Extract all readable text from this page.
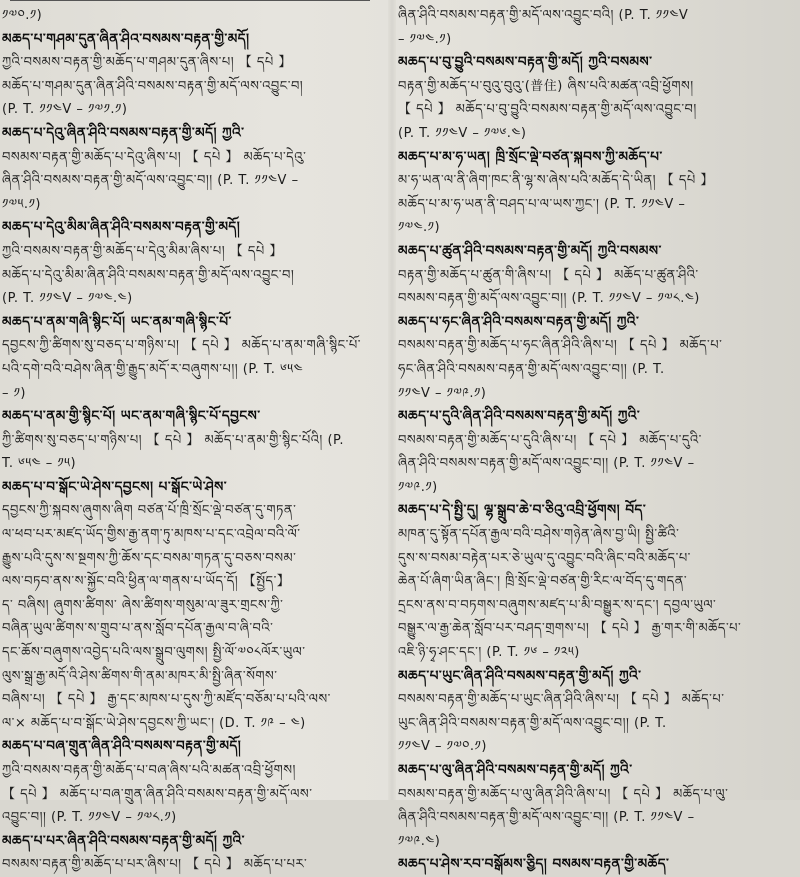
༡༧༠.༡)
མཆད་པ་གཤམ་དུན་ཞིན་ཤིའ་བསམས་བརྟན་གྱི་མདོ།
ཀྱའི་བསམས་བརྟན་གྱི་མཆོད་པ་གཤམ་དུན་ཞིས་པ། 【 དཔེ 】
མཆོད་པ་གཤམ་དུན་ཞིན་ཤིའི་བསམས་བརྟན་གྱི་མདོ་ལས་འབྱུང་བ།
(P. T. ༡༡༤V – ༡༧༡.༡)
མཆད་པ་དེའུ་ཞིན་ཤིའི་བསམས་བརྟན་གྱི་མདོ། ཀྱའི་
བསམས་བརྟན་གྱི་མཆོད་པ་དེའུ་ཞིས་པ། 【 དཔེ 】 མཆོད་པ་དེའུ་
ཞིན་ཤིའི་བསམས་བརྟན་གྱི་མདོ་ལས་འབྱུང་བ།། (P. T. ༡༡༤V –
༡༧༥.༡)
མཆད་པ་དེའུ་མིམ་ཞིན་ཤིའི་བསམས་བརྟན་གྱི་མདོ།
ཀྱའི་བསམས་བརྟན་གྱི་མཆོད་པ་དེའུ་མིམ་ཞིས་པ། 【 དཔེ 】
མཆོད་པ་དེའུ་མིམ་ཞིན་ཤིའི་བསམས་བརྟན་གྱི་མདོ་ལས་འབྱུང་བ།
(P. T. ༡༡༤V – ༡༧༤.༤)
མཆད་པ་ནམ་གཞི་སྙིང་པོ། ཡང་ནམ་གཞི་སྙིང་པོ་
དབྱངས་ཀྱི་ཚིགས་སུ་བཅད་པ་གཉིས་པ། 【 དཔེ 】 མཆོད་པ་ནམ་གཞི་སྙིང་པོ་
པའི་དགེ་བའི་བཤེས་ཞིན་གྱི་རྒྱུད་མདོ་ར་བཞུགས་པ།། (P. T. ༦༥༤
– ༡)
མཆད་པ་ནམ་གྱི་སྙིང་པོ། ཡང་ནམ་གཞི་སྙིང་པོ་དབྱངས་
ཀྱི་ཚིགས་སུ་བཅད་པ་གཉིས་པ། 【 དཔེ 】 མཆོད་པ་ནམ་གྱི་སྙིང་པོའི། (P.
T. ༦༥༤ – ༡༥)
མཆད་པ་བ་སྒོང་ཡེ་ཤེས་དབྱངས། པ་སྒོང་ཡེ་ཤེས་
དབྱངས་ཀྱི་སྐབས་ཞུགས་ཞིག བཙན་པོ་ཁྲི་སྲོང་ལྡེ་བཙན་དུ་གཏན་
ལ་ཕབ་པར་མཛད་ཡོད་གྱིས་རྒྱ་ནག་ཏུ་མཁས་པ་དང་འབྲེལ་བའི་ལོ་
རྒྱུས་པའི་དུས་ས་སྔགས་ཀྱི་ཆོས་དང་བསམ་གཏན་དུ་བཅས་བསམ་
ལས་བཏབ་ནས་ས་སྐྱོང་བའི་ཕྱིན་ལ་གནས་པ་ཡོད་དོ། 【སྤྱོད་】
ད་ བཞིས། ཞུགས་ཚིགས་ ཞེས་ཚིགས་གསུམ་ལ་ཟུར་གྲངས་ཀྱི་
བཞིན་ཡུལ་ཚིགས་ས་གྲུབ་པ་ནས་སློབ་དཔོན་རྒྱལ་བ་ཞི་བའི་
དང་ཆོས་བཞུགས་འབྱེད་པའི་ལས་སྒྲུབ་ལུགས། སྤྱི་ལོ་༧༠༨ལོར་ཡུལ་
ལུས་སྒྲ་རྒྱ་མདོ་འི་ཤེས་ཚིགས་གི་ནམ་མཁར་མི་སྤྱི་ཞིན་སོགས་
བཞིས་པ། 【 དཔེ 】 རྒྱ་དང་མཁས་པ་དུས་ཀྱི་མཛོད་བཅོམ་པ་པའི་ལས་
ལ་× མཆོད་པ་བ་སྒོང་ཡེ་ཤེས་དབྱངས་ཀྱི་ཡང་། (D. T. ༡༩ – ༤)
མཆད་པ་བཞ་གྲུན་ཞིན་ཤིའི་བསམས་བརྟན་གྱི་མདོ།
ཀྱའི་བསམས་བརྟན་གྱི་མཆོད་པ་བཞ་ཞིས་པའི་མཚན་འབྲི་ཕྱོགས།
【 དཔེ 】 མཆོད་པ་བཞ་གྲུན་ཞིན་ཤིའི་བསམས་བརྟན་གྱི་མདོ་ལས་
འབྱུང་བ།། (P. T. ༡༡༤V – ༡༧༨.༡)
མཆད་པ་པར་ཞིན་ཤིའི་བསམས་བརྟན་གྱི་མདོ། ཀྱའི་
བསམས་བརྟན་གྱི་མཆོད་པ་པར་ཞིས་པ། 【 དཔེ 】 མཆོད་པ་པར་
ཞིན་ཤིའི་བསམས་བརྟན་གྱི་མདོ་ལས་འབྱུང་བའི། (P. T. ༡༡༤V
– ༡༧༤.༡)
མཆད་པ་བུ་བྱུའི་བསམས་བརྟན་གྱི་མདོ། ཀྱའི་བསམས་
བརྟན་གྱི་མཆོད་པ་བུའུ་བུའུ་(普住) ཞིས་པའི་མཚན་འབྲི་ཕྱོགས།
【 དཔེ 】 མཆོད་པ་བུ་བྱུའི་བསམས་བརྟན་གྱི་མདོ་ལས་འབྱུང་བ།
(P. T. ༡༡༤V – ༡༧༦.༤)
མཆད་པ་མ་ཧ་ཡན། ཁྲི་སྲོང་ལྡེ་བཙན་སྐབས་ཀྱི་མཆོད་པ་
མ་ཧ་ཡན་ལ་ནི་ཞིག་ཁང་ནི་ལྷ་ས་ཞེས་པའི་མཆོད་དེ་ཡིན། 【 དཔེ 】
མཆོད་པ་མ་ཧ་ཡན་ནི་བཤད་པ་ལ་ཡས་ཀྱང་། (P. T. ༡༡༤V –
༡༧༤.༡)
མཆད་པ་ཚུན་ཤིའི་བསམས་བརྟན་གྱི་མདོ། ཀྱའི་བསམས་
བརྟན་གྱི་མཆོད་པ་ཚུན་གི་ཞིས་པ། 【 དཔེ 】 མཆོད་པ་ཚུན་ཤིའི་
བསམས་བརྟན་གྱི་མདོ་ལས་འབྱུང་བ།། (P. T. ༡༡༤V – ༡༧༨.༤)
མཆད་པ་ཧང་ཞིན་ཤིའི་བསམས་བརྟན་གྱི་མདོ། ཀྱའི་
བསམས་བརྟན་གྱི་མཆོད་པ་ཧང་ཞིན་ཤིའི་ཞིས་པ། 【 དཔེ 】 མཆོད་པ་
ཧང་ཞིན་ཤིའི་བསམས་བརྟན་གྱི་མདོ་ལས་འབྱུང་བ།། (P. T.
༡༡༤V – ༡༧༩.༡)
མཆད་པ་དུའི་ཞིན་ཤིའི་བསམས་བརྟན་གྱི་མདོ། ཀྱའི་
བསམས་བརྟན་གྱི་མཆོད་པ་དུའི་ཞིས་པ། 【 དཔེ 】 མཆོད་པ་དུའི་
ཞིན་ཤིའི་བསམས་བརྟན་གྱི་མདོ་ལས་འབྱུང་བ།། (P. T. ༡༡༤V –
༡༧༩.༡)
མཆད་པ་དེ་སྤྱི་དུ། ལྷ་སྒྲུབ་ཆེ་བ་ཅིའུ་འབྲི་ཕྱོགས། བོད་
མཁན་དུ་སྟོན་དཔོན་རྒྱལ་བའི་བཤེས་གཉེན་ཞེས་བྱ་ཡི། སྤྱི་ཚིའི་
དུས་ས་བསམ་བརྟེན་པར་ཅེ་ཡུལ་དུ་འབྱུང་བའི་ཞིང་བའི་མཆོད་པ་
ཆེན་པོ་ཞིག་ཡིན་ཞིང་། ཁྲི་སྲོང་ལྡེ་བཙན་གྱི་རིང་ལ་བོད་དུ་གདན་
དྲངས་ནས་བ་བཏགས་བཞུགས་མཛད་པ་མི་བསྒྱུར་ས་དང་། དབྱལ་ཡུལ་
བསྒྱུར་ལ་རྒྱ་ཆེན་སློབ་པར་བཤད་གྲགས་པ། 【 དཔེ 】 རྒྱ་གར་གི་མཆོད་པ་
འཇི་ཉི་ཧྭ་ཤང་དང་། (P. T. ༡༦ – ༡༢༥)
མཆད་པ་ཡུང་ཞིན་ཤིའི་བསམས་བརྟན་གྱི་མདོ། ཀྱའི་
བསམས་བརྟན་གྱི་མཆོད་པ་ཡུང་ཞིན་ཤིའི་ཞིས་པ། 【 དཔེ 】 མཆོད་པ་
ཡུང་ཞིན་ཤིའི་བསམས་བརྟན་གྱི་མདོ་ལས་འབྱུང་བ།། (P. T.
༡༡༤V – ༡༧༠.༡)
མཆད་པ་ལུ་ཞིན་ཤིའི་བསམས་བརྟན་གྱི་མདོ། ཀྱའི་
བསམས་བརྟན་གྱི་མཆོད་པ་ལུ་ཞིན་ཤིའི་ཞིས་པ། 【 དཔེ 】 མཆོད་པ་ལུ་
ཞིན་ཤིའི་བསམས་བརྟན་གྱི་མདོ་ལས་འབྱུང་བ།། (P. T. ༡༡༤V –
༡༧༩.༤)
མཆད་པ་ཤེས་རབ་བསྒོམས་ཅྱིད། བསམས་བརྟན་གྱི་མཆོད་
